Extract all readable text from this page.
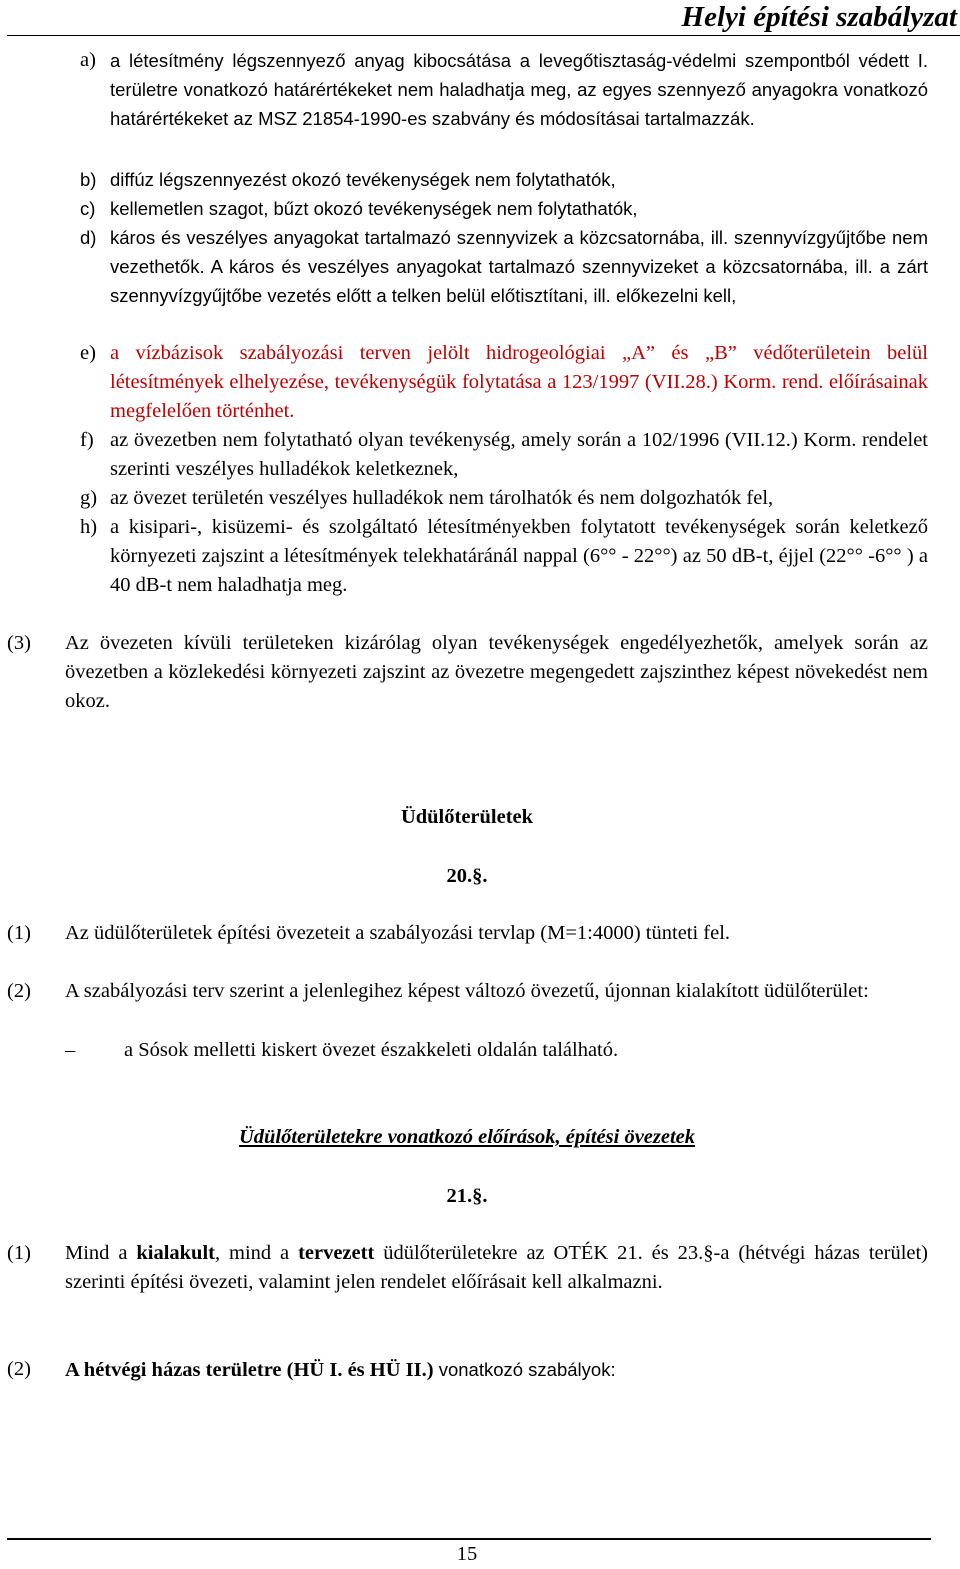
Helyi építési szabályzat
a) a létesítmény légszennyező anyag kibocsátása a levegőtisztaság-védelmi szempontból védett I. területre vonatkozó határértékeket nem haladhatja meg, az egyes szennyező anyagokra vonatkozó határértékeket az MSZ 21854-1990-es szabvány és módosításai tartalmazzák.
b) diffúz légszennyezést okozó tevékenységek nem folytathatók,
c) kellemetlen szagot, bűzt okozó tevékenységek nem folytathatók,
d) káros és veszélyes anyagokat tartalmazó szennyvizek a közcsatornába, ill. szennyvízgyűjtőbe nem vezethetők. A káros és veszélyes anyagokat tartalmazó szennyvizeket a közcsatornába, ill. a zárt szennyvízgyűjtőbe vezetés előtt a telken belül előtisztítani, ill. előkezelni kell,
e) a vízbázisok szabályozási terven jelölt hidrogeológiai „A” és „B” védőterületein belül létesítmények elhelyezése, tevékenységük folytatása a 123/1997 (VII.28.) Korm. rend. előírásainak megfelelően történhet.
f) az övezetben nem folytatható olyan tevékenység, amely során a 102/1996 (VII.12.) Korm. rendelet szerinti veszélyes hulladékok keletkeznek,
g) az övezet területén veszélyes hulladékok nem tárolhatók és nem dolgozhatók fel,
h) a kisipari-, kisüzemi- és szolgáltató létesítményekben folytatott tevékenységek során keletkező környezeti zajszint a létesítmények telekhatáránál nappal (6°° - 22°°) az 50 dB-t, éjjel (22°° -6°° ) a 40 dB-t nem haladhatja meg.
(3) Az övezeten kívüli területeken kizárólag olyan tevékenységek engedélyezhetők, amelyek során az övezetben a közlekedési környezeti zajszint az övezetre megengedett zajszinthez képest növekedést nem okoz.
Üdülőterületek
20.§.
(1) Az üdülőterületek építési övezeteit a szabályozási tervlap (M=1:4000) tünteti fel.
(2) A szabályozási terv szerint a jelenlegihez képest változó övezetű, újonnan kialakított üdülőterület:
– a Sósok melletti kiskert övezet északkeleti oldalán található.
Üdülőterületekre vonatkozó előírások, építési övezetek
21.§.
(1) Mind a kialakult, mind a tervezett üdülőterületekre az OTÉK 21. és 23.§-a (hétvégi házas terület) szerinti építési övezeti, valamint jelen rendelet előírásait kell alkalmazni.
(2) A hétvégi házas területre (HÜ I. és HÜ II.) vonatkozó szabályok:
15
